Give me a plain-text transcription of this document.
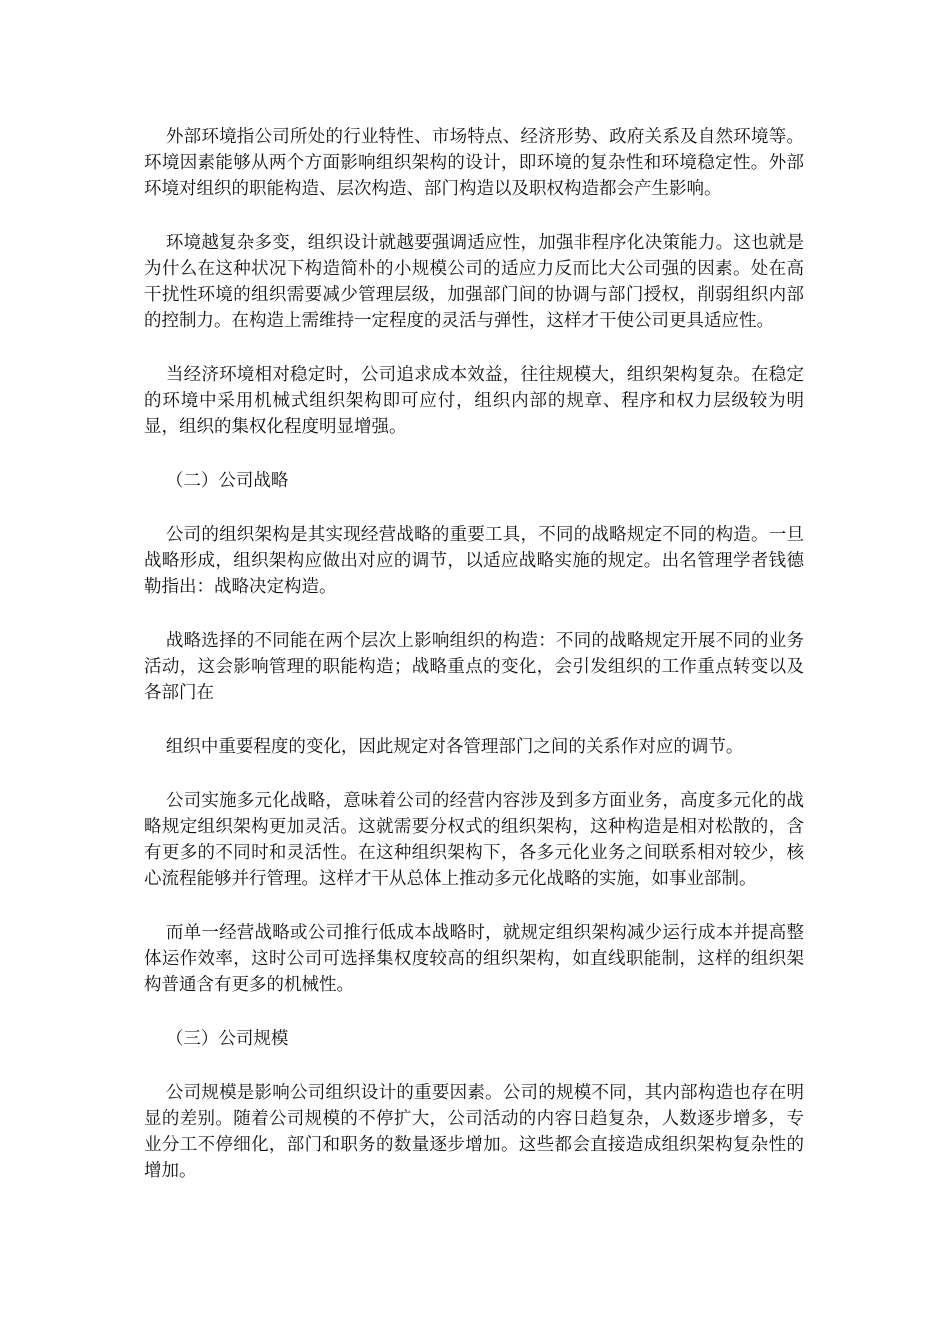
外部环境指公司所处的行业特性、市场特点、经济形势、政府关系及自然环境等。环境因素能够从两个方面影响组织架构的设计，即环境的复杂性和环境稳定性。外部环境对组织的职能构造、层次构造、部门构造以及职权构造都会产生影响。

环境越复杂多变，组织设计就越要强调适应性，加强非程序化决策能力。这也就是为什么在这种状况下构造简朴的小规模公司的适应力反而比大公司强的因素。处在高干扰性环境的组织需要减少管理层级，加强部门间的协调与部门授权，削弱组织内部的控制力。在构造上需维持一定程度的灵活与弹性，这样才干使公司更具适应性。

当经济环境相对稳定时，公司追求成本效益，往往规模大，组织架构复杂。在稳定的环境中采用机械式组织架构即可应付，组织内部的规章、程序和权力层级较为明显，组织的集权化程度明显增强。

（二）公司战略

公司的组织架构是其实现经营战略的重要工具，不同的战略规定不同的构造。一旦战略形成，组织架构应做出对应的调节，以适应战略实施的规定。出名管理学者钱德勒指出：战略决定构造。

战略选择的不同能在两个层次上影响组织的构造：不同的战略规定开展不同的业务活动，这会影响管理的职能构造；战略重点的变化，会引发组织的工作重点转变以及各部门在

组织中重要程度的变化，因此规定对各管理部门之间的关系作对应的调节。

公司实施多元化战略，意味着公司的经营内容涉及到多方面业务，高度多元化的战略规定组织架构更加灵活。这就需要分权式的组织架构，这种构造是相对松散的，含有更多的不同时和灵活性。在这种组织架构下，各多元化业务之间联系相对较少，核心流程能够并行管理。这样才干从总体上推动多元化战略的实施，如事业部制。

而单一经营战略或公司推行低成本战略时，就规定组织架构减少运行成本并提高整体运作效率，这时公司可选择集权度较高的组织架构，如直线职能制，这样的组织架构普通含有更多的机械性。

（三）公司规模

公司规模是影响公司组织设计的重要因素。公司的规模不同，其内部构造也存在明显的差别。随着公司规模的不停扩大，公司活动的内容日趋复杂，人数逐步增多，专业分工不停细化，部门和职务的数量逐步增加。这些都会直接造成组织架构复杂性的增加。
